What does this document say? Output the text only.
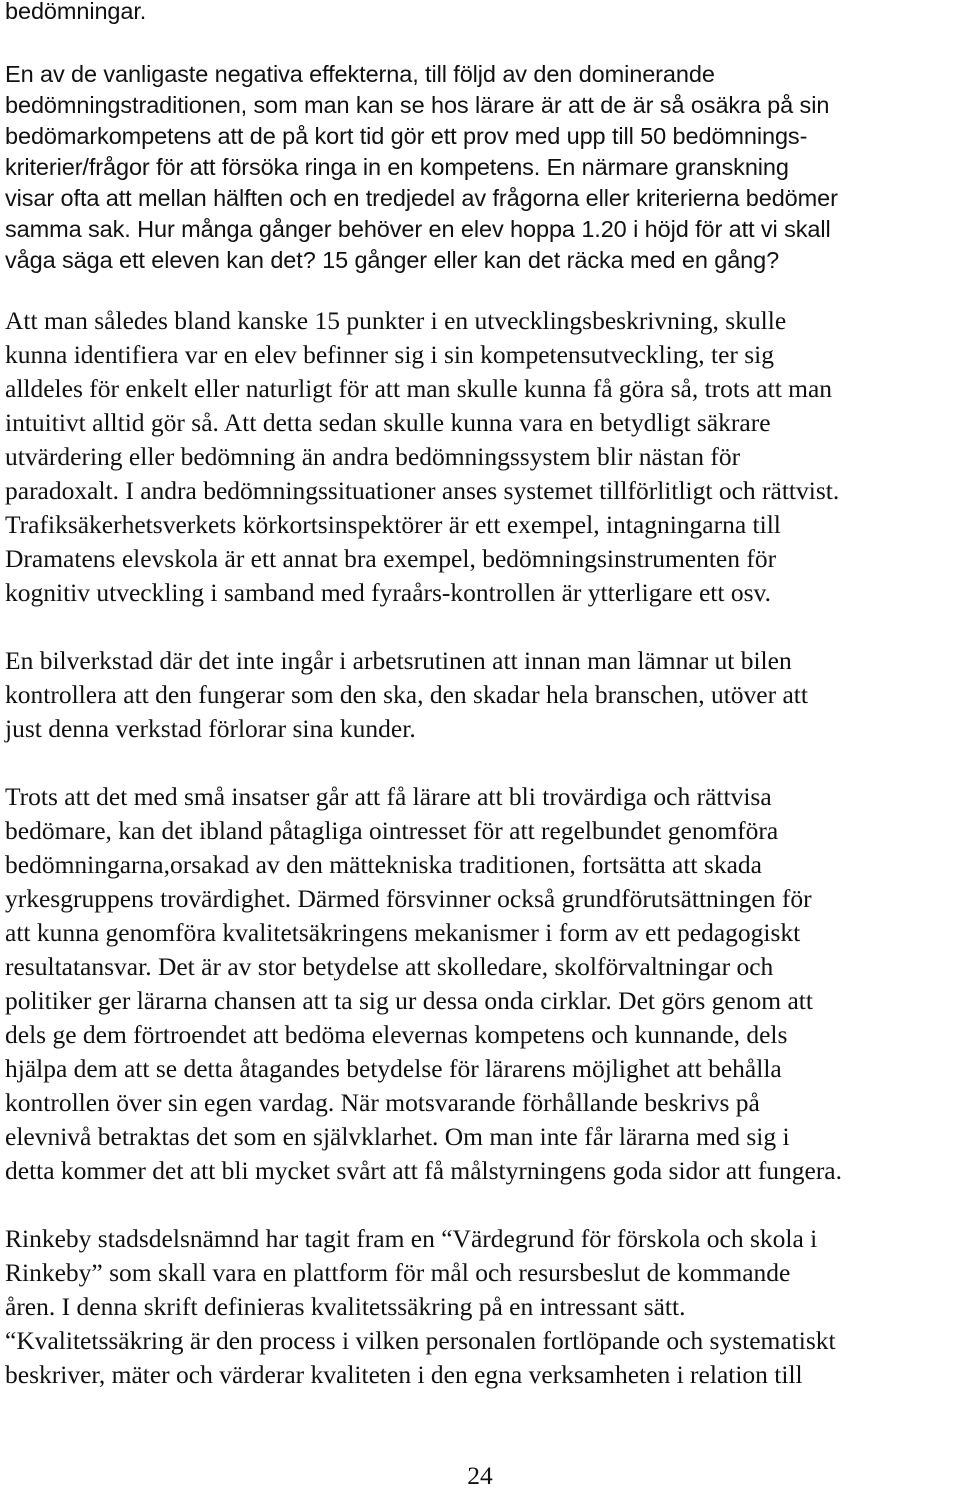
bedömningar.

En av de vanligaste negativa effekterna, till följd av den dominerande

bedömningstraditionen, som man kan se hos lärare är att de är så osäkra på sin

bedömarkompetens att de på kort tid gör ett prov med upp till 50 bedömnings-

kriterier/frågor för att försöka ringa in en kompetens. En närmare granskning

visar ofta att mellan hälften och en tredjedel av frågorna eller kriterierna bedömer

samma sak. Hur många gånger behöver en elev hoppa 1.20 i höjd för att vi skall

våga säga ett eleven kan det? 15 gånger eller kan det räcka med en gång?

Att man således bland kanske 15 punkter i en utvecklingsbeskrivning, skulle

kunna identifiera var en elev befinner sig i sin kompetensutveckling, ter sig

alldeles för enkelt eller naturligt för att man skulle kunna få göra så, trots att man

intuitivt alltid gör så. Att detta sedan skulle kunna vara en betydligt säkrare

utvärdering eller bedömning än andra bedömningssystem blir nästan för

paradoxalt. I andra bedömningssituationer anses systemet tillförlitligt och rättvist.

Trafiksäkerhetsverkets körkortsinspektörer är ett exempel, intagningarna till

Dramatens elevskola är ett annat bra exempel, bedömningsinstrumenten för

kognitiv utveckling i samband med fyraårs-kontrollen är ytterligare ett osv.

En bilverkstad där det inte ingår i arbetsrutinen att innan man lämnar ut bilen

kontrollera att den fungerar som den ska, den skadar hela branschen, utöver att

just denna verkstad förlorar sina kunder.

Trots att det med små insatser går att få lärare att bli trovärdiga och rättvisa

bedömare, kan det ibland påtagliga ointresset för att regelbundet genomföra

bedömningarna,orsakad av den mättekniska traditionen, fortsätta att skada

yrkesgruppens trovärdighet. Därmed försvinner också grundförutsättningen för

att kunna genomföra kvalitetsäkringens mekanismer i form av ett pedagogiskt

resultatansvar. Det är av stor betydelse att skolledare, skolförvaltningar och

politiker ger lärarna chansen att ta sig ur dessa onda cirklar. Det görs genom att

dels ge dem förtroendet att bedöma elevernas kompetens och kunnande, dels

hjälpa dem att se detta åtagandes betydelse för lärarens möjlighet att behålla

kontrollen över sin egen vardag. När motsvarande förhållande beskrivs på

elevnivå betraktas det som en självklarhet. Om man inte får lärarna med sig i

detta kommer det att bli mycket svårt att få målstyrningens goda sidor att fungera.

Rinkeby stadsdelsnämnd har tagit fram en “Värdegrund för förskola och skola i

Rinkeby” som skall vara en plattform för mål och resursbeslut de kommande

åren. I denna skrift definieras kvalitetssäkring på en intressant sätt.

“Kvalitetssäkring är den process i vilken personalen fortlöpande och systematiskt

beskriver, mäter och värderar kvaliteten i den egna verksamheten i relation till

24
